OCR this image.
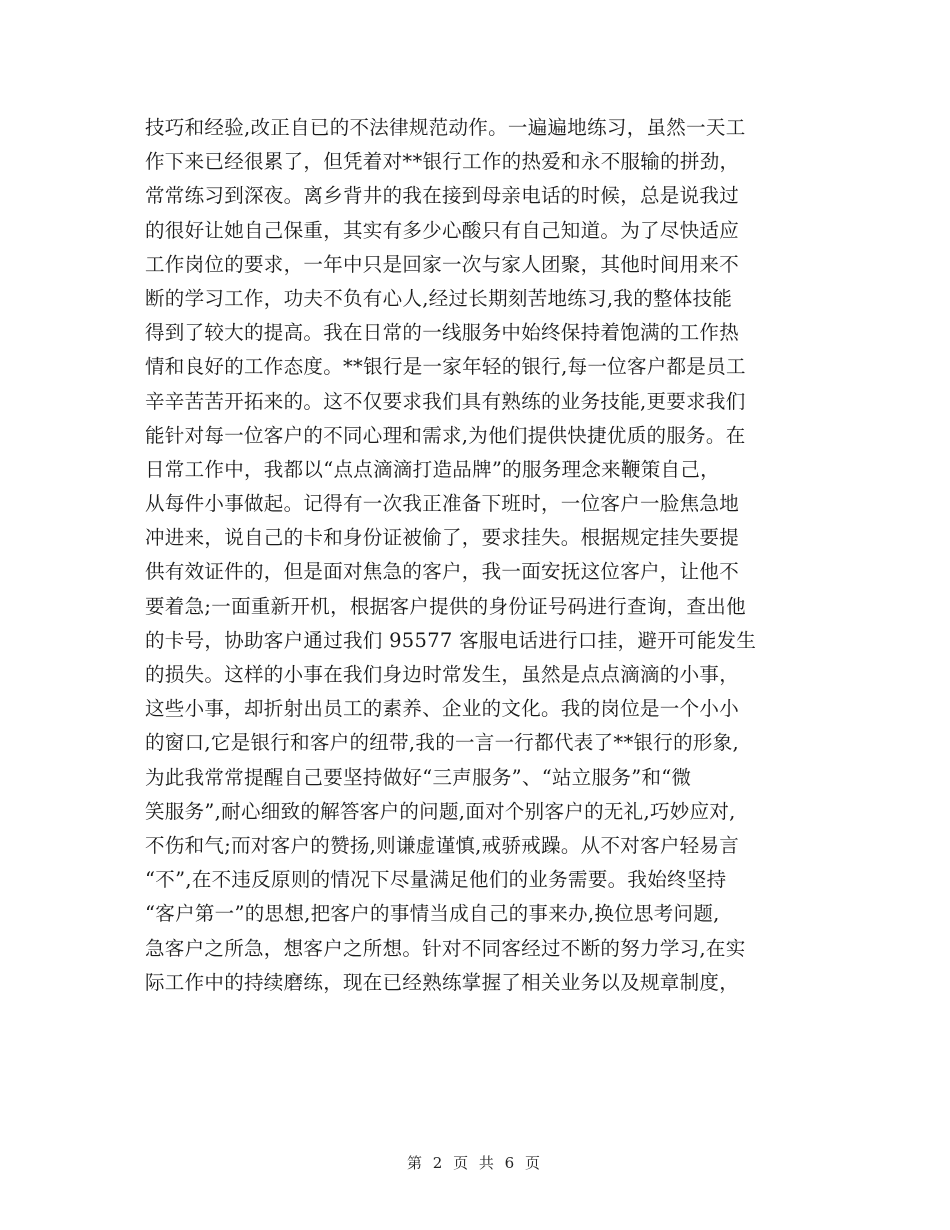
技巧和经验,改正自已的不法律规范动作。一遍遍地练习，虽然一天工
作下来已经很累了，但凭着对**银行工作的热爱和永不服输的拼劲，
常常练习到深夜。离乡背井的我在接到母亲电话的时候，总是说我过
的很好让她自己保重，其实有多少心酸只有自己知道。为了尽快适应
工作岗位的要求，一年中只是回家一次与家人团聚，其他时间用来不
断的学习工作，功夫不负有心人,经过长期刻苦地练习,我的整体技能
得到了较大的提高。我在日常的一线服务中始终保持着饱满的工作热
情和良好的工作态度。**银行是一家年轻的银行,每一位客户都是员工
辛辛苦苦开拓来的。这不仅要求我们具有熟练的业务技能,更要求我们
能针对每一位客户的不同心理和需求,为他们提供快捷优质的服务。在
日常工作中，我都以“点点滴滴打造品牌”的服务理念来鞭策自己，
从每件小事做起。记得有一次我正准备下班时，一位客户一脸焦急地
冲进来，说自己的卡和身份证被偷了，要求挂失。根据规定挂失要提
供有效证件的，但是面对焦急的客户，我一面安抚这位客户，让他不
要着急;一面重新开机，根据客户提供的身份证号码进行查询，查出他
的卡号，协助客户通过我们 95577 客服电话进行口挂，避开可能发生
的损失。这样的小事在我们身边时常发生，虽然是点点滴滴的小事，
这些小事，却折射出员工的素养、企业的文化。我的岗位是一个小小
的窗口,它是银行和客户的纽带,我的一言一行都代表了**银行的形象,
为此我常常提醒自己要坚持做好“三声服务”、“站立服务”和“微
笑服务”,耐心细致的解答客户的问题,面对个别客户的无礼,巧妙应对,
不伤和气;而对客户的赞扬,则谦虚谨慎,戒骄戒躁。从不对客户轻易言
“不”,在不违反原则的情况下尽量满足他们的业务需要。我始终坚持
“客户第一”的思想,把客户的事情当成自己的事来办,换位思考问题,
急客户之所急，想客户之所想。针对不同客经过不断的努力学习,在实
际工作中的持续磨练，现在已经熟练掌握了相关业务以及规章制度，
第 2 页 共 6 页
